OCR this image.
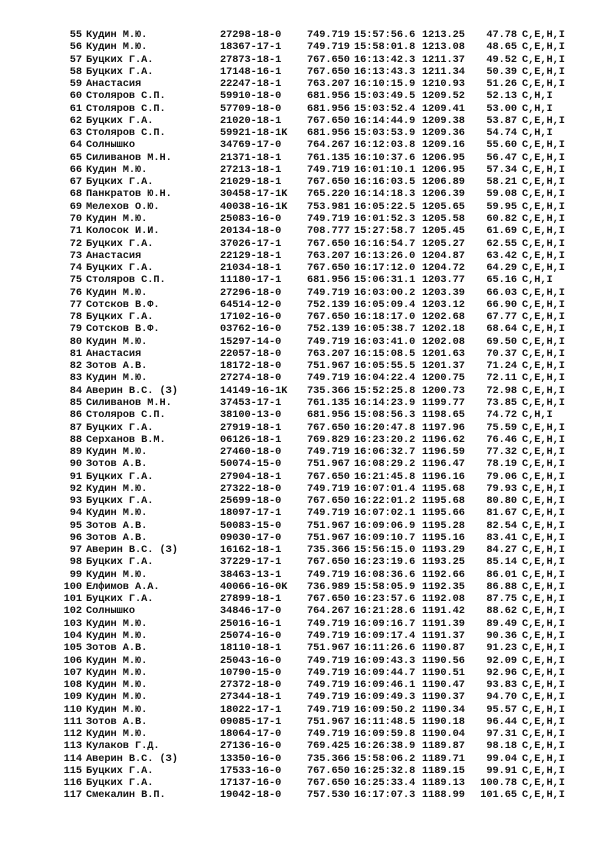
55 Кудин М.Ю.	27298-18-0 749.719 15:57:56.6 1213.25	47.78 C,E,H,I
56 Кудин М.Ю.	18367-17-1 749.719 15:58:01.8 1213.08	48.65 C,E,H,I
57 Буцких Г.А.	27873-18-1 767.650 16:13:42.3 1211.37	49.52 C,E,H,I
58 Буцких Г.А.	17148-16-1 767.650 16:13:43.3 1211.34	50.39 C,E,H,I
59 Анастасия	22247-18-1 763.207 16:10:15.9 1210.93	51.26 C,E,H,I
60 Столяров С.П.	59910-18-0 681.956 15:03:49.5 1209.52	52.13 C,H,I
61 Столяров С.П.	57709-18-0 681.956 15:03:52.4 1209.41	53.00 C,H,I
62 Буцких Г.А.	21020-18-1 767.650 16:14:44.9 1209.38	53.87 C,E,H,I
63 Столяров С.П.	59921-18-1K 681.956 15:03:53.9 1209.36	54.74 C,H,I
64 Солнышко	34769-17-0 764.267 16:12:03.8 1209.16	55.60 C,E,H,I
65 Силиванов М.Н.	21371-18-1 761.135 16:10:37.6 1206.95	56.47 C,E,H,I
66 Кудин М.Ю.	27213-18-1 749.719 16:01:10.1 1206.95	57.34 C,E,H,I
67 Буцких Г.А.	21029-18-1 767.650 16:16:03.5 1206.89	58.21 C,E,H,I
68 Панкратов Ю.Н.	30458-17-1K 765.220 16:14:18.3 1206.39	59.08 C,E,H,I
69 Мелехов О.Ю.	40038-16-1K 753.981 16:05:22.5 1205.65	59.95 C,E,H,I
70 Кудин М.Ю.	25083-16-0 749.719 16:01:52.3 1205.58	60.82 C,E,H,I
71 Колосок И.И.	20134-18-0 708.777 15:27:58.7 1205.45	61.69 C,E,H,I
72 Буцких Г.А.	37026-17-1 767.650 16:16:54.7 1205.27	62.55 C,E,H,I
73 Анастасия	22129-18-1 763.207 16:13:26.0 1204.87	63.42 C,E,H,I
74 Буцких Г.А.	21034-18-1 767.650 16:17:12.0 1204.72	64.29 C,E,H,I
75 Столяров С.П.	11180-17-1 681.956 15:06:31.1 1203.77	65.16 C,H,I
76 Кудин М.Ю.	27296-18-0 749.719 16:03:00.2 1203.39	66.03 C,E,H,I
77 Сотсков В.Ф.	64514-12-0 752.139 16:05:09.4 1203.12	66.90 C,E,H,I
78 Буцких Г.А.	17102-16-0 767.650 16:18:17.0 1202.68	67.77 C,E,H,I
79 Сотсков В.Ф.	03762-16-0 752.139 16:05:38.7 1202.18	68.64 C,E,H,I
80 Кудин М.Ю.	15297-14-0 749.719 16:03:41.0 1202.08	69.50 C,E,H,I
81 Анастасия	22057-18-0 763.207 16:15:08.5 1201.63	70.37 C,E,H,I
82 Зотов А.В.	18172-18-0 751.967 16:05:55.5 1201.37	71.24 C,E,H,I
83 Кудин М.Ю.	27274-18-0 749.719 16:04:22.4 1200.75	72.11 C,E,H,I
84 Аверин В.С. (З)	14149-16-1K 735.366 15:52:25.8 1200.73	72.98 C,E,H,I
85 Силиванов М.Н.	37453-17-1 761.135 16:14:23.9 1199.77	73.85 C,E,H,I
86 Столяров С.П.	38100-13-0 681.956 15:08:56.3 1198.65	74.72 C,H,I
87 Буцких Г.А.	27919-18-1 767.650 16:20:47.8 1197.96	75.59 C,E,H,I
88 Серханов В.М.	06126-18-1 769.829 16:23:20.2 1196.62	76.46 C,E,H,I
89 Кудин М.Ю.	27460-18-0 749.719 16:06:32.7 1196.59	77.32 C,E,H,I
90 Зотов А.В.	50074-15-0 751.967 16:08:29.2 1196.47	78.19 C,E,H,I
91 Буцких Г.А.	27904-18-1 767.650 16:21:45.8 1196.16	79.06 C,E,H,I
92 Кудин М.Ю.	27322-18-0 749.719 16:07:01.4 1195.68	79.93 C,E,H,I
93 Буцких Г.А.	25699-18-0 767.650 16:22:01.2 1195.68	80.80 C,E,H,I
94 Кудин М.Ю.	18097-17-1 749.719 16:07:02.1 1195.66	81.67 C,E,H,I
95 Зотов А.В.	50083-15-0 751.967 16:09:06.9 1195.28	82.54 C,E,H,I
96 Зотов А.В.	09030-17-0 751.967 16:09:10.7 1195.16	83.41 C,E,H,I
97 Аверин В.С. (З)	16162-18-1 735.366 15:56:15.0 1193.29	84.27 C,E,H,I
98 Буцких Г.А.	37229-17-1 767.650 16:23:19.6 1193.25	85.14 C,E,H,I
99 Кудин М.Ю.	38463-13-1 749.719 16:08:36.6 1192.66	86.01 C,E,H,I
100 Елфимов А.А.	40066-16-0K 736.989 15:58:05.9 1192.35	86.88 C,E,H,I
101 Буцких Г.А.	27899-18-1 767.650 16:23:57.6 1192.08	87.75 C,E,H,I
102 Солнышко	34846-17-0 764.267 16:21:28.6 1191.42	88.62 C,E,H,I
103 Кудин М.Ю.	25016-16-1 749.719 16:09:16.7 1191.39	89.49 C,E,H,I
104 Кудин М.Ю.	25074-16-0 749.719 16:09:17.4 1191.37	90.36 C,E,H,I
105 Зотов А.В.	18110-18-1 751.967 16:11:26.6 1190.87	91.23 C,E,H,I
106 Кудин М.Ю.	25043-16-0 749.719 16:09:43.3 1190.56	92.09 C,E,H,I
107 Кудин М.Ю.	10790-15-0 749.719 16:09:44.7 1190.51	92.96 C,E,H,I
108 Кудин М.Ю.	27372-18-0 749.719 16:09:46.1 1190.47	93.83 C,E,H,I
109 Кудин М.Ю.	27344-18-1 749.719 16:09:49.3 1190.37	94.70 C,E,H,I
110 Кудин М.Ю.	18022-17-1 749.719 16:09:50.2 1190.34	95.57 C,E,H,I
111 Зотов А.В.	09085-17-1 751.967 16:11:48.5 1190.18	96.44 C,E,H,I
112 Кудин М.Ю.	18064-17-0 749.719 16:09:59.8 1190.04	97.31 C,E,H,I
113 Кулаков Г.Д.	27136-16-0 769.425 16:26:38.9 1189.87	98.18 C,E,H,I
114 Аверин В.С. (З)	13350-16-0 735.366 15:58:06.2 1189.71	99.04 C,E,H,I
115 Буцких Г.А.	17533-16-0 767.650 16:25:32.8 1189.15	99.91 C,E,H,I
116 Буцких Г.А.	17137-16-0 767.650 16:25:33.4 1189.13	100.78 C,E,H,I
117 Смекалин В.П.	19042-18-0 757.530 16:17:07.3 1188.99	101.65 C,E,H,I
